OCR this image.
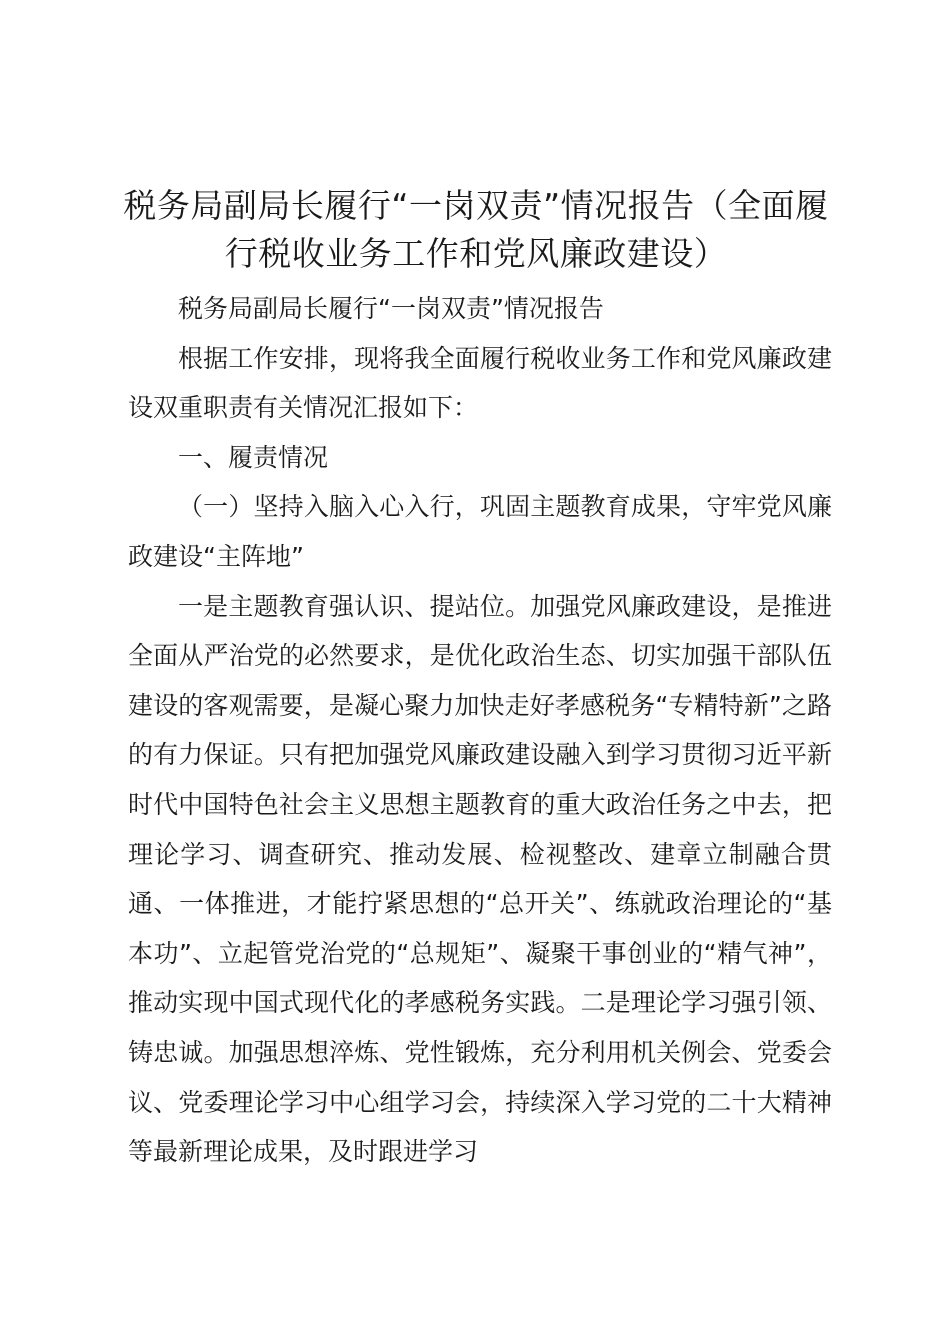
税务局副局长履行“一岗双责”情况报告（全面履行税收业务工作和党风廉政建设）

税务局副局长履行“一岗双责”情况报告

根据工作安排，现将我全面履行税收业务工作和党风廉政建设双重职责有关情况汇报如下：

一、履责情况

（一）坚持入脑入心入行，巩固主题教育成果，守牢党风廉政建设“主阵地”

一是主题教育强认识、提站位。加强党风廉政建设，是推进全面从严治党的必然要求，是优化政治生态、切实加强干部队伍建设的客观需要，是凝心聚力加快走好孝感税务“专精特新”之路的有力保证。只有把加强党风廉政建设融入到学习贯彻习近平新时代中国特色社会主义思想主题教育的重大政治任务之中去，把理论学习、调查研究、推动发展、检视整改、建章立制融合贯通、一体推进，才能拧紧思想的“总开关”、练就政治理论的“基本功”、立起管党治党的“总规矩”、凝聚干事创业的“精气神”，推动实现中国式现代化的孝感税务实践。二是理论学习强引领、铸忠诚。加强思想淬炼、党性锻炼，充分利用机关例会、党委会议、党委理论学习中心组学习会，持续深入学习党的二十大精神等最新理论成果，及时跟进学习
